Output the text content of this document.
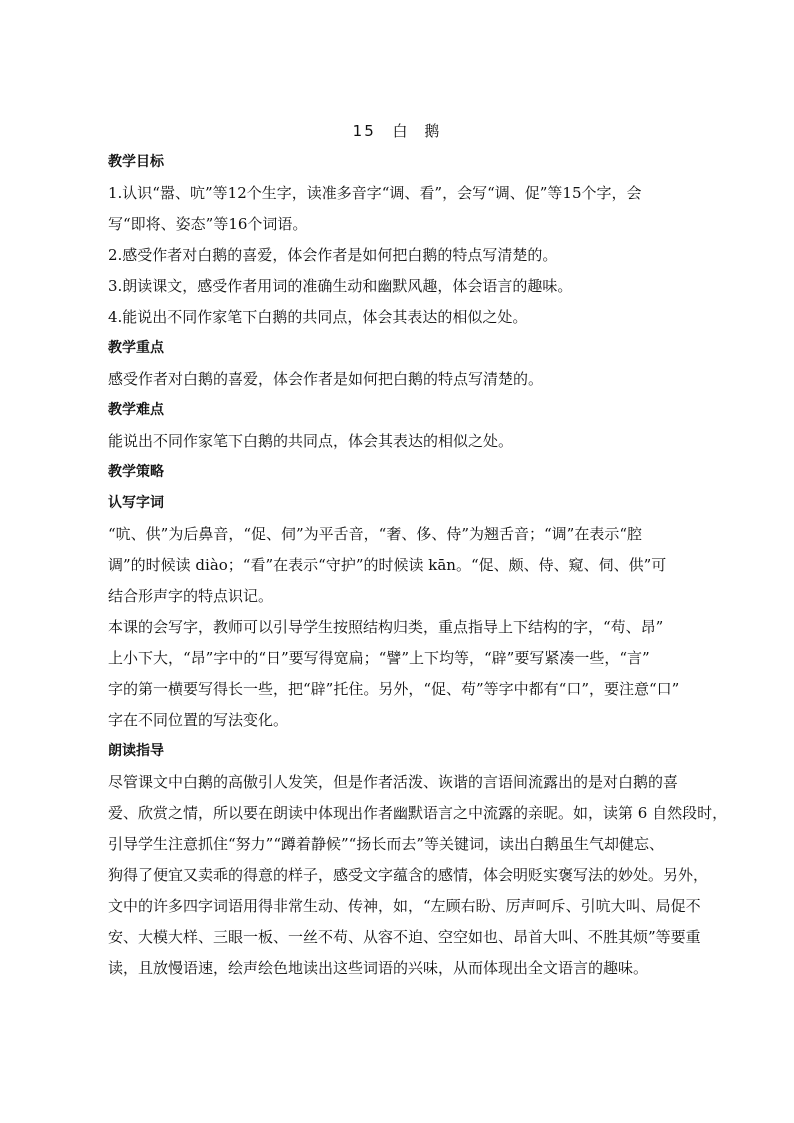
15 白 鹅
教学目标
1.认识“嚣、吭”等12个生字，读准多音字“调、看”，会写“调、促”等15个字，会
写“即将、姿态”等16个词语。
2.感受作者对白鹅的喜爱，体会作者是如何把白鹅的特点写清楚的。
3.朗读课文，感受作者用词的准确生动和幽默风趣，体会语言的趣味。
4.能说出不同作家笔下白鹅的共同点，体会其表达的相似之处。
教学重点
感受作者对白鹅的喜爱，体会作者是如何把白鹅的特点写清楚的。
教学难点
能说出不同作家笔下白鹅的共同点，体会其表达的相似之处。
教学策略
认写字词
“吭、供”为后鼻音，“促、伺”为平舌音，“奢、侈、侍”为翘舌音；“调”在表示“腔
调”的时候读 diào；“看”在表示“守护”的时候读 kān。“促、颇、侍、窥、伺、供”可
结合形声字的特点识记。
本课的会写字，教师可以引导学生按照结构归类，重点指导上下结构的字，“苟、昂”
上小下大，“昂”字中的“日”要写得宽扁；“譬”上下均等，“辟”要写紧凑一些，“言”
字的第一横要写得长一些，把“辟”托住。另外，“促、苟”等字中都有“口”，要注意“口”
字在不同位置的写法变化。
朗读指导
尽管课文中白鹅的高傲引人发笑，但是作者活泼、诙谐的言语间流露出的是对白鹅的喜
爱、欣赏之情，所以要在朗读中体现出作者幽默语言之中流露的亲昵。如，读第 6 自然段时，
引导学生注意抓住“努力”“蹲着静候”“扬长而去”等关键词，读出白鹅虽生气却健忘、
狗得了便宜又卖乖的得意的样子，感受文字蕴含的感情，体会明贬实褒写法的妙处。另外，
文中的许多四字词语用得非常生动、传神，如，“左顾右盼、厉声呵斥、引吭大叫、局促不
安、大模大样、三眼一板、一丝不苟、从容不迫、空空如也、昂首大叫、不胜其烦”等要重
读，且放慢语速，绘声绘色地读出这些词语的兴味，从而体现出全文语言的趣味。
